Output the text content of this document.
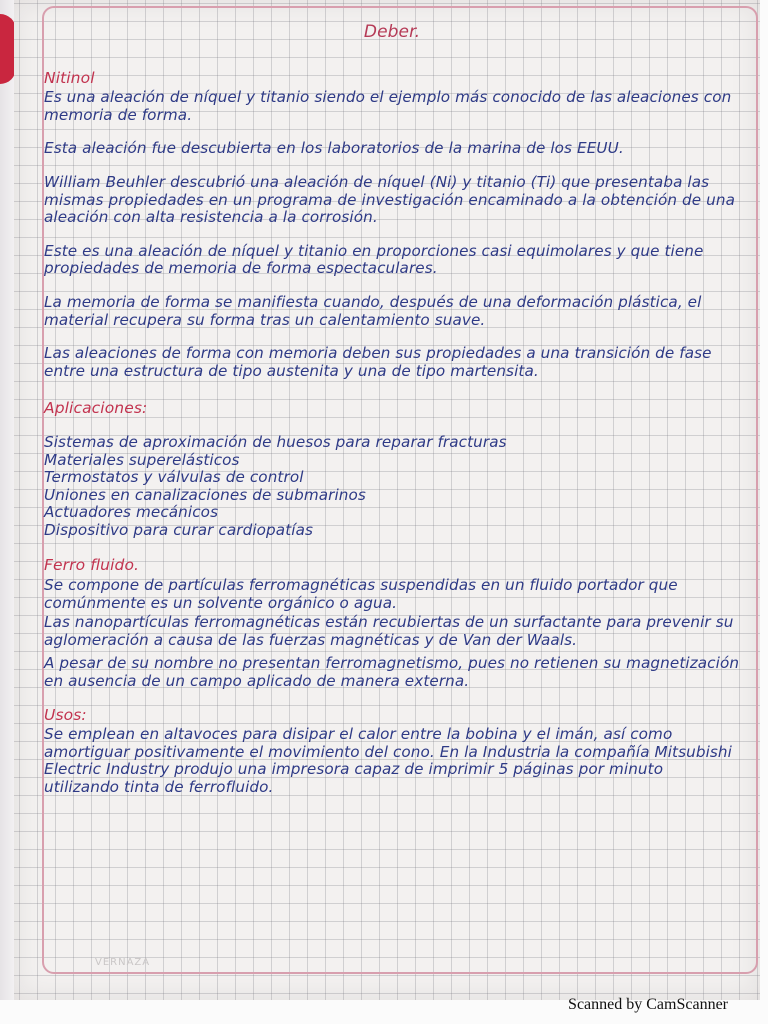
Deber.
Nitinol
Es una aleación de níquel y titanio siendo el ejemplo más conocido de las aleaciones con memoria de forma.
Esta aleación fue descubierta en los laboratorios de la marina de los EEUU.
William Beuhler descubrió una aleación de níquel (Ni) y titanio (Ti) que presentaba las mismas propiedades en un programa de investigación encaminado a la obtención de una aleación con alta resistencia a la corrosión.
Este es una aleación de níquel y titanio en proporciones casi equimolares y que tiene propiedades de memoria de forma espectaculares.
La memoria de forma se manifiesta cuando, después de una deformación plástica, el material recupera su forma tras un calentamiento suave.
Las aleaciones de forma con memoria deben sus propiedades a una transición de fase entre una estructura de tipo austenita y una de tipo martensita.
Aplicaciones:
Sistemas de aproximación de huesos para reparar fracturas
Materiales superelásticos
Termostatos y válvulas de control
Uniones en canalizaciones de submarinos
Actuadores mecánicos
Dispositivo para curar cardiopatías
Ferro fluido.
Se compone de partículas ferromagnéticas suspendidas en un fluido portador que comúnmente es un solvente orgánico o agua.
Las nanopartículas ferromagnéticas están recubiertas de un surfactante para prevenir su aglomeración a causa de las fuerzas magnéticas y de Van der Waals.
A pesar de su nombre no presentan ferromagnetismo, pues no retienen su magnetización en ausencia de un campo aplicado de manera externa.
Usos:
Se emplean en altavoces para disipar el calor entre la bobina y el imán, así como amortiguar positivamente el movimiento del cono. En la Industria la compañía Mitsubishi Electric Industry produjo una impresora capaz de imprimir 5 páginas por minuto utilizando tinta de ferrofluido.
VERNAZA
Scanned by CamScanner
